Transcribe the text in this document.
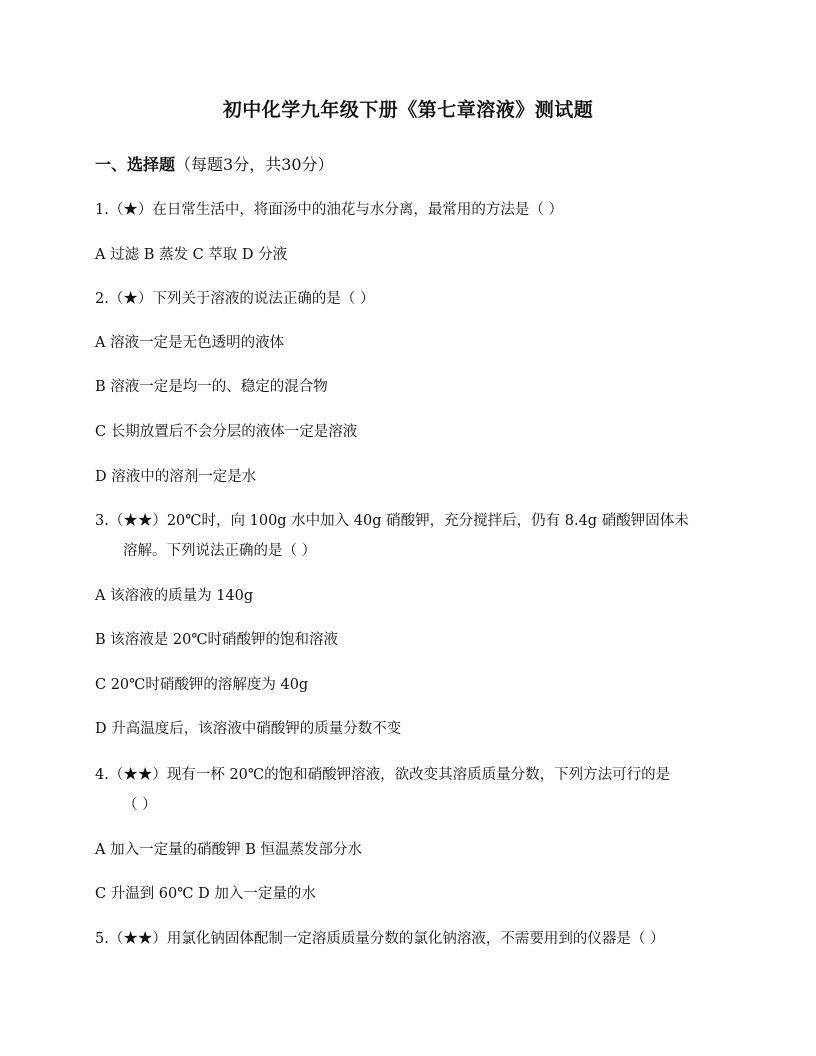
初中化学九年级下册《第七章溶液》测试题

一、选择题（每题3分，共30分）

1.（★）在日常生活中，将面汤中的油花与水分离，最常用的方法是（ ）

A 过滤 B 蒸发 C 萃取 D 分液

2.（★）下列关于溶液的说法正确的是（ ）

A 溶液一定是无色透明的液体

B 溶液一定是均一的、稳定的混合物

C 长期放置后不会分层的液体一定是溶液

D 溶液中的溶剂一定是水

3.（★★）20℃时，向 100g 水中加入 40g 硝酸钾，充分搅拌后，仍有 8.4g 硝酸钾固体未
溶解。下列说法正确的是（ ）

A 该溶液的质量为 140g

B 该溶液是 20℃时硝酸钾的饱和溶液

C 20℃时硝酸钾的溶解度为 40g

D 升高温度后，该溶液中硝酸钾的质量分数不变

4.（★★）现有一杯 20℃的饱和硝酸钾溶液，欲改变其溶质质量分数，下列方法可行的是
（ ）

A 加入一定量的硝酸钾 B 恒温蒸发部分水

C 升温到 60℃ D 加入一定量的水

5.（★★）用氯化钠固体配制一定溶质质量分数的氯化钠溶液，不需要用到的仪器是（ ）
